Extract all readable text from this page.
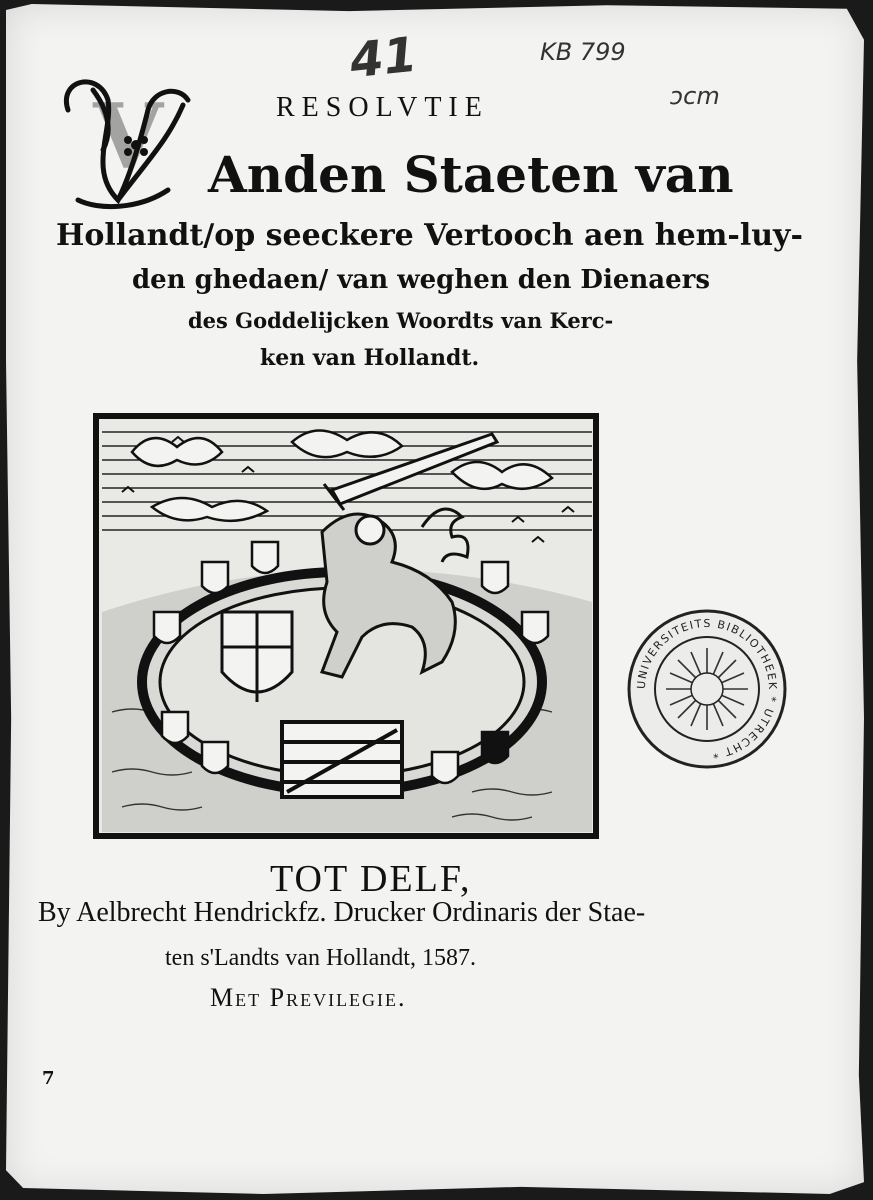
41	KB 799
ͻcm
V	RESOLVTIE
Anden Staeten van
Hollandt/op seeckere Vertooch aen hem-luy-
den ghedaen/ van weghen den Dienaers
des Goddelijcken Woordts van Kerc-
ken van Hollandt.
UNIVERSITEITS BIBLIOTHEEK * UTRECHT *
TOT DELF,
By Aelbrecht Hendrickfz. Drucker Ordinaris der Stae-
ten s'Landts van Hollandt, 1587.
Met Previlegie.
7
